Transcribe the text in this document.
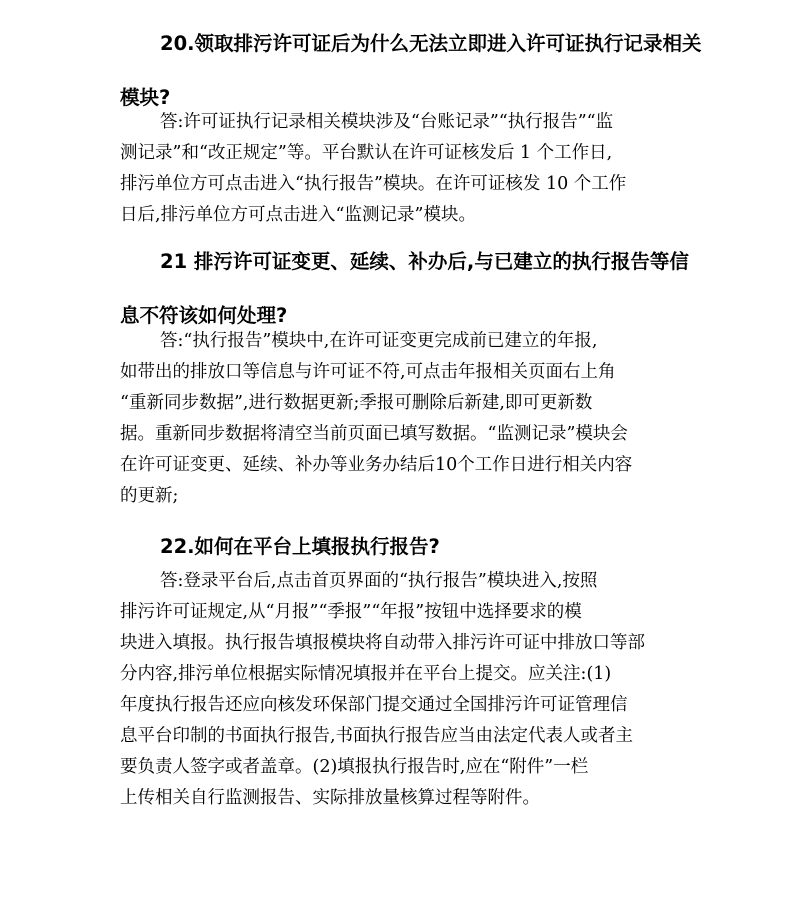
20.领取排污许可证后为什么无法立即进入许可证执行记录相关
模块?
答:许可证执行记录相关模块涉及“台账记录”“执行报告”“监
测记录”和“改正规定”等。平台默认在许可证核发后 1 个工作日,
排污单位方可点击进入“执行报告”模块。在许可证核发 10 个工作
日后,排污单位方可点击进入“监测记录”模块。
21 排污许可证变更、延续、补办后,与已建立的执行报告等信
息不符该如何处理?
答:“执行报告”模块中,在许可证变更完成前已建立的年报,
如带出的排放口等信息与许可证不符,可点击年报相关页面右上角
“重新同步数据”,进行数据更新;季报可删除后新建,即可更新数
据。重新同步数据将清空当前页面已填写数据。“监测记录”模块会
在许可证变更、延续、补办等业务办结后10个工作日进行相关内容
的更新;
22.如何在平台上填报执行报告?
答:登录平台后,点击首页界面的“执行报告”模块进入,按照
排污许可证规定,从“月报”“季报”“年报”按钮中选择要求的模
块进入填报。执行报告填报模块将自动带入排污许可证中排放口等部
分内容,排污单位根据实际情况填报并在平台上提交。应关注:(1)
年度执行报告还应向核发环保部门提交通过全国排污许可证管理信
息平台印制的书面执行报告,书面执行报告应当由法定代表人或者主
要负责人签字或者盖章。(2)填报执行报告时,应在“附件”一栏
上传相关自行监测报告、实际排放量核算过程等附件。
